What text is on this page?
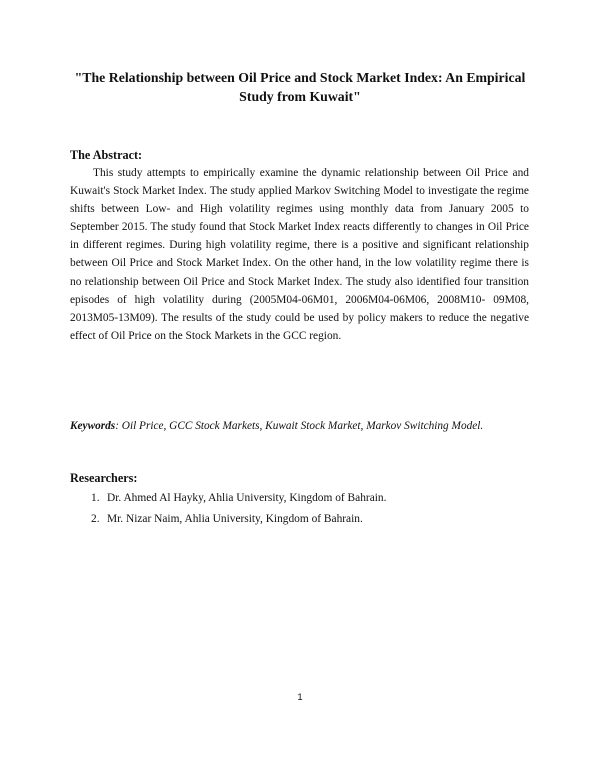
"The Relationship between Oil Price and Stock Market Index: An Empirical Study from Kuwait"
The Abstract:

This study attempts to empirically examine the dynamic relationship between Oil Price and Kuwait's Stock Market Index. The study applied Markov Switching Model to investigate the regime shifts between Low- and High volatility regimes using monthly data from January 2005 to September 2015. The study found that Stock Market Index reacts differently to changes in Oil Price in different regimes. During high volatility regime, there is a positive and significant relationship between Oil Price and Stock Market Index. On the other hand, in the low volatility regime there is no relationship between Oil Price and Stock Market Index. The study also identified four transition episodes of high volatility during (2005M04-06M01, 2006M04-06M06, 2008M10- 09M08, 2013M05-13M09). The results of the study could be used by policy makers to reduce the negative effect of Oil Price on the Stock Markets in the GCC region.

Keywords: Oil Price, GCC Stock Markets, Kuwait Stock Market, Markov Switching Model.
Researchers:
1. Dr. Ahmed Al Hayky, Ahlia University, Kingdom of Bahrain.
2. Mr. Nizar Naim, Ahlia University, Kingdom of Bahrain.
1
